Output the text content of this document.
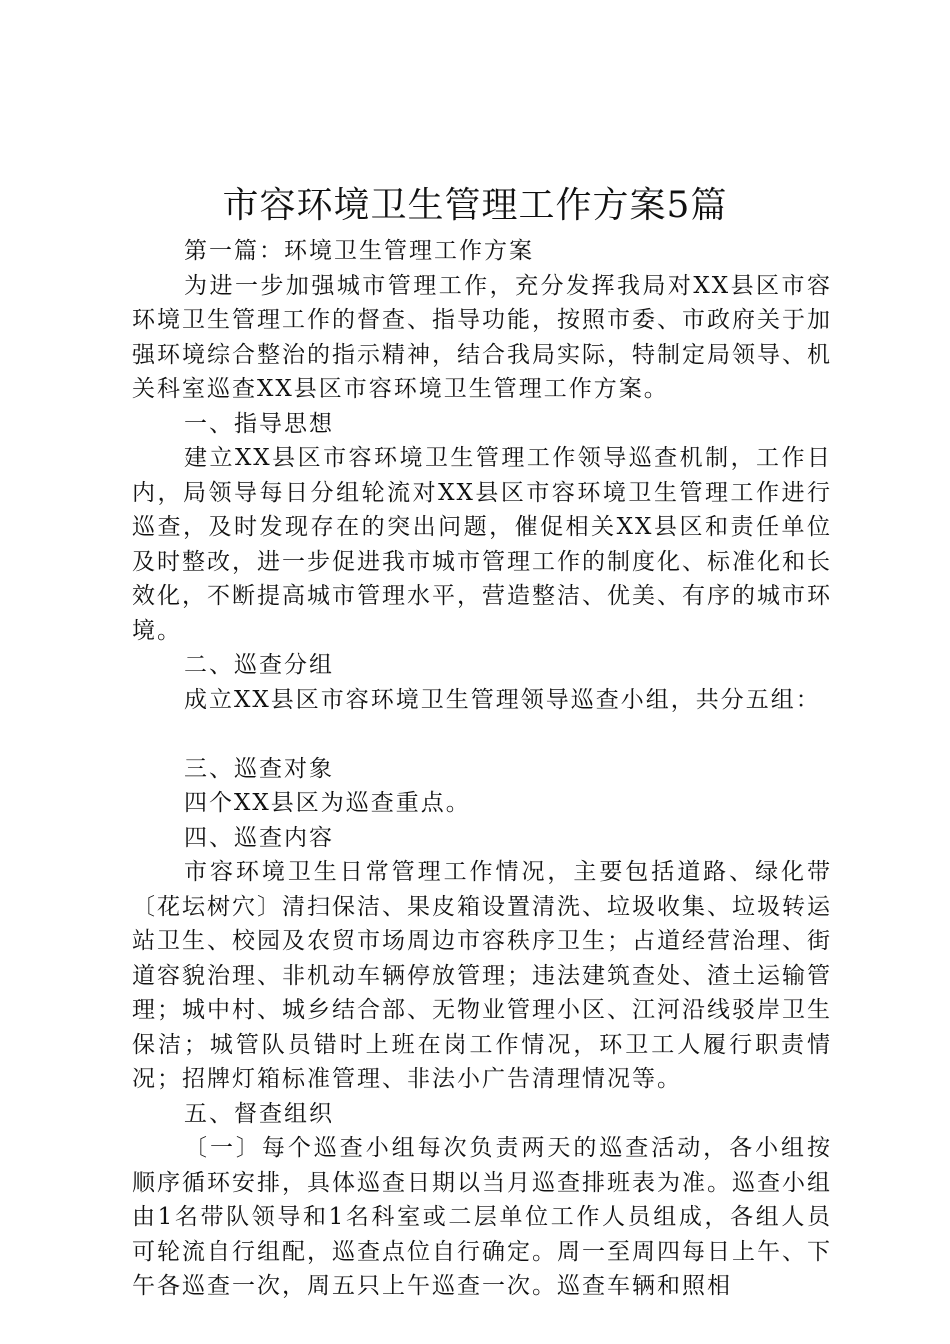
市容环境卫生管理工作方案5篇

第一篇：环境卫生管理工作方案

为进一步加强城市管理工作，充分发挥我局对XX县区市容环境卫生管理工作的督查、指导功能，按照市委、市政府关于加强环境综合整治的指示精神，结合我局实际，特制定局领导、机关科室巡查XX县区市容环境卫生管理工作方案。

一、指导思想

建立XX县区市容环境卫生管理工作领导巡查机制，工作日内，局领导每日分组轮流对XX县区市容环境卫生管理工作进行巡查，及时发现存在的突出问题，催促相关XX县区和责任单位及时整改，进一步促进我市城市管理工作的制度化、标准化和长效化，不断提高城市管理水平，营造整洁、优美、有序的城市环境。

二、巡查分组

成立XX县区市容环境卫生管理领导巡查小组，共分五组：

三、巡查对象

四个XX县区为巡查重点。

四、巡查内容

市容环境卫生日常管理工作情况，主要包括道路、绿化带〔花坛树穴〕清扫保洁、果皮箱设置清洗、垃圾收集、垃圾转运站卫生、校园及农贸市场周边市容秩序卫生；占道经营治理、街道容貌治理、非机动车辆停放管理；违法建筑查处、渣土运输管理；城中村、城乡结合部、无物业管理小区、江河沿线驳岸卫生保洁；城管队员错时上班在岗工作情况，环卫工人履行职责情况；招牌灯箱标准管理、非法小广告清理情况等。

五、督查组织

〔一〕每个巡查小组每次负责两天的巡查活动，各小组按顺序循环安排，具体巡查日期以当月巡查排班表为准。巡查小组由1名带队领导和1名科室或二层单位工作人员组成，各组人员可轮流自行组配，巡查点位自行确定。周一至周四每日上午、下午各巡查一次，周五只上午巡查一次。巡查车辆和照相
